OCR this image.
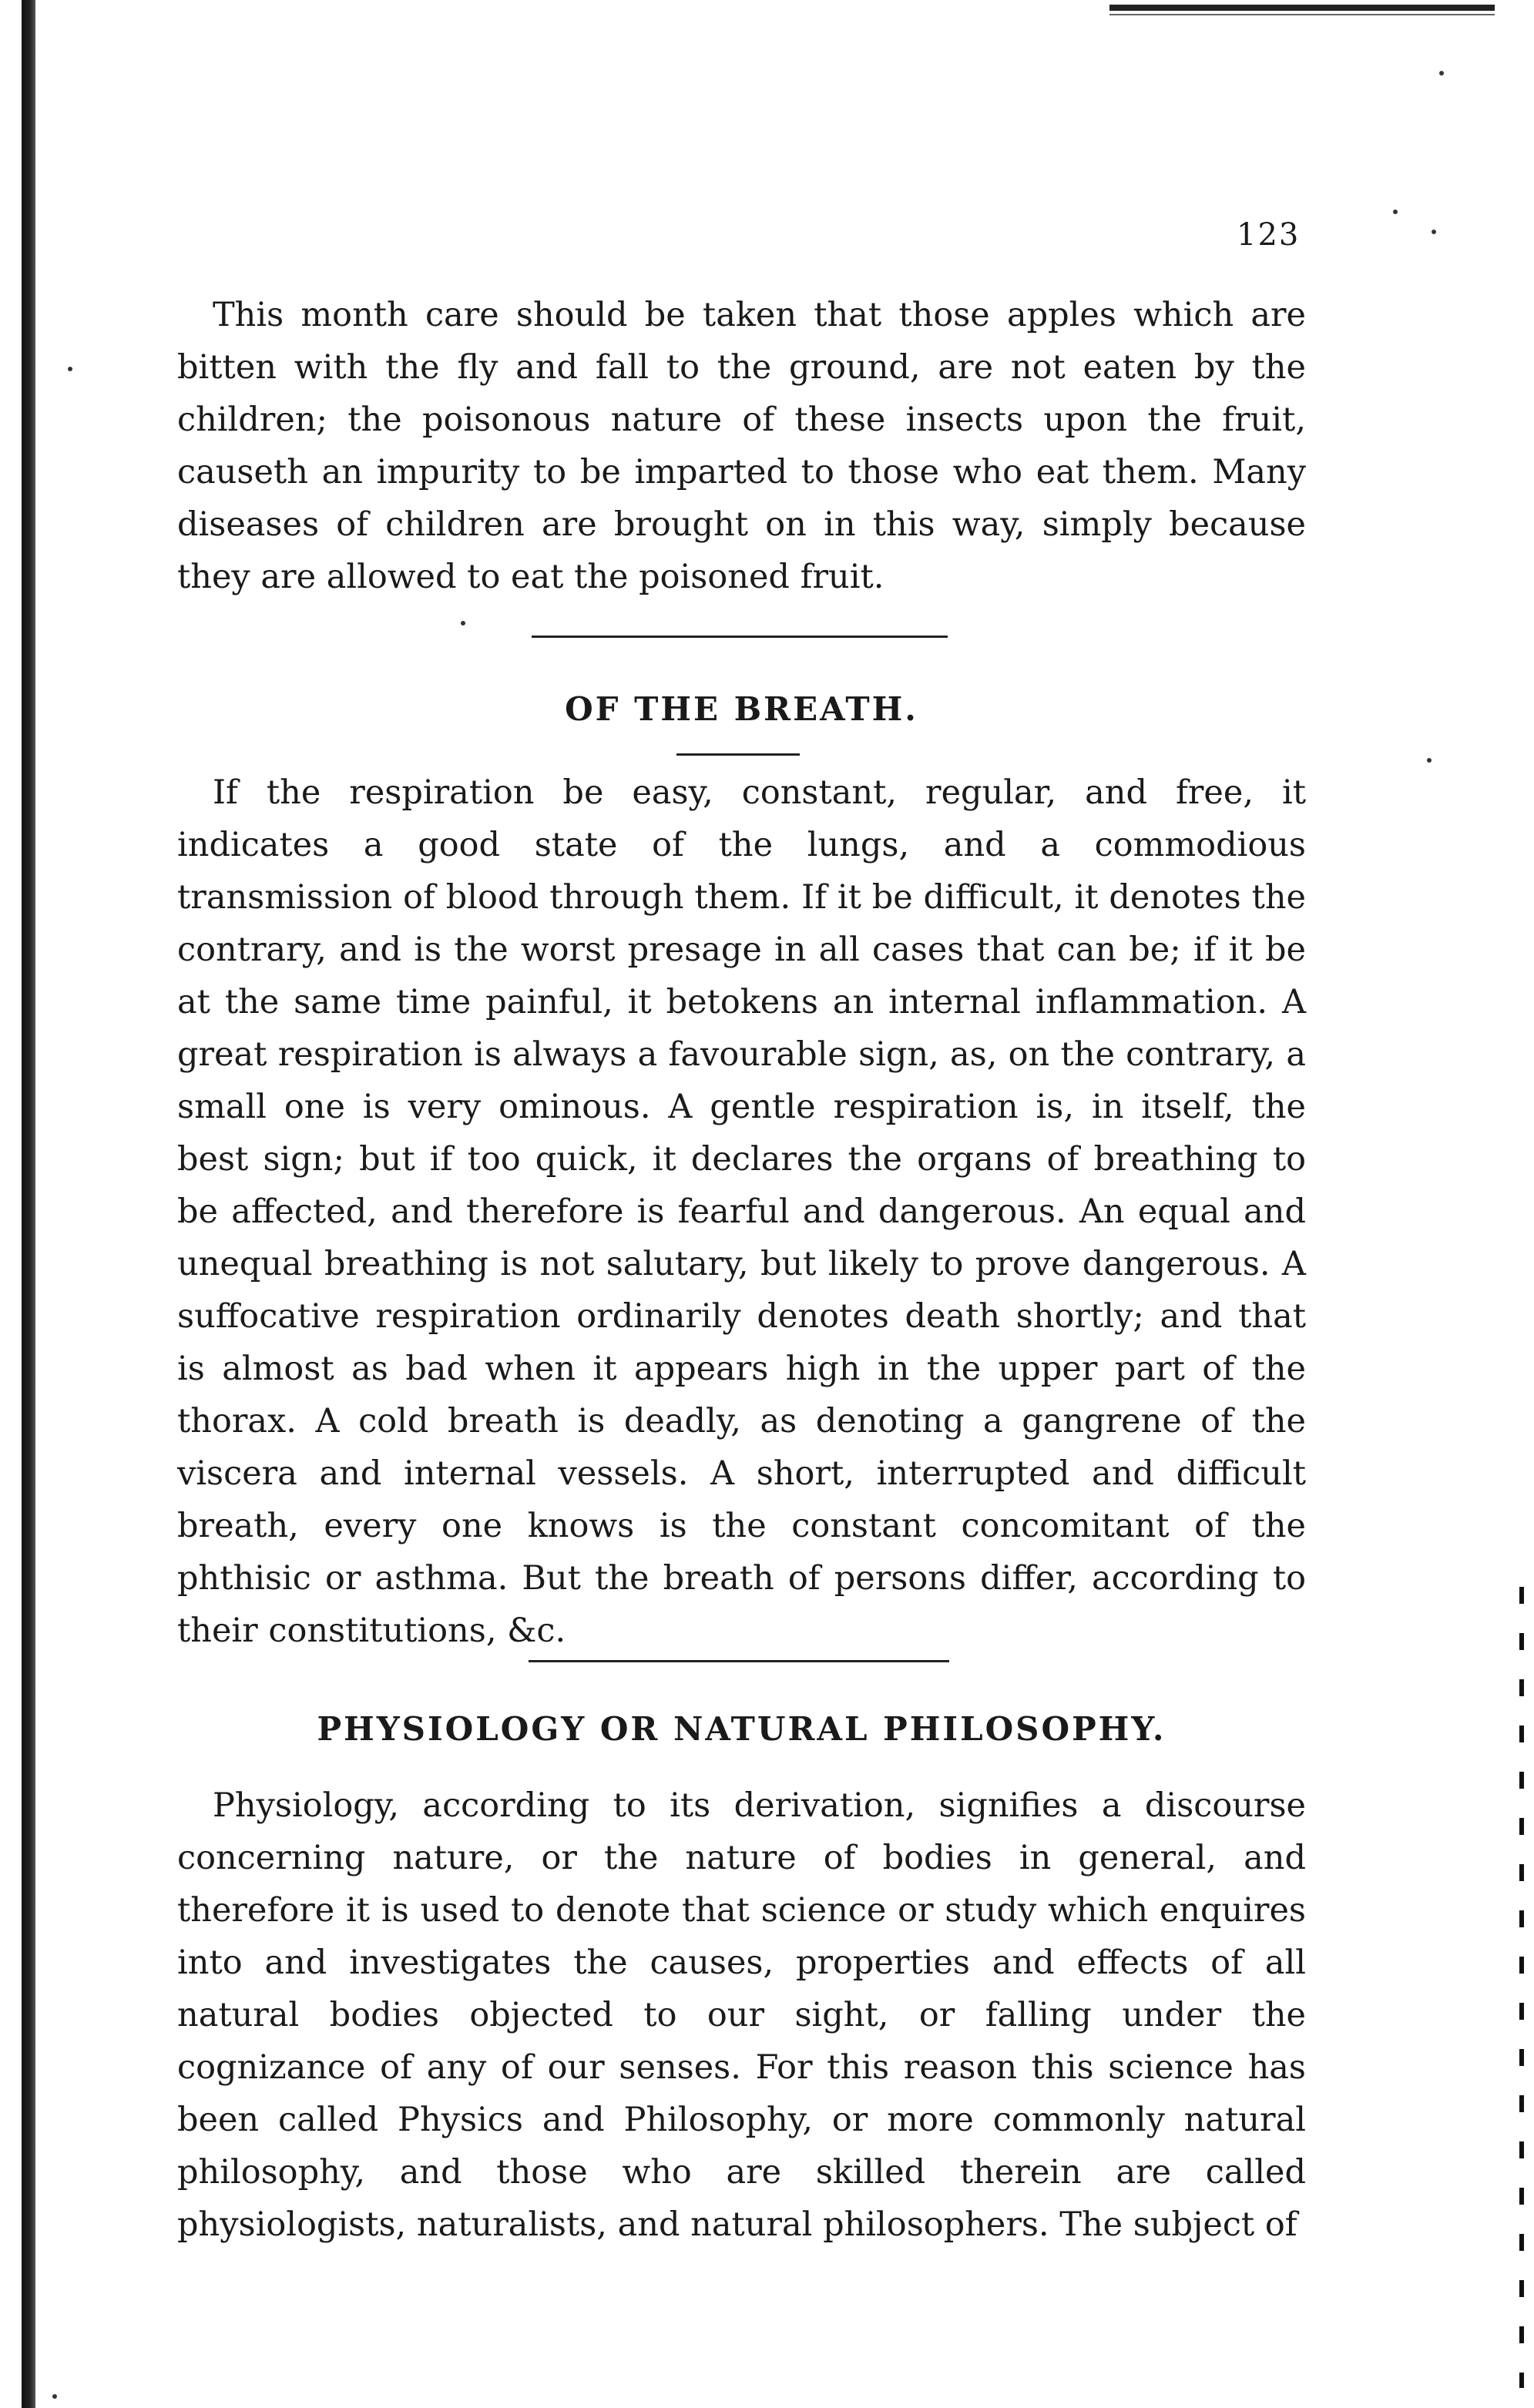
123

This month care should be taken that those apples which are bitten with the fly and fall to the ground, are not eaten by the children; the poisonous nature of these insects upon the fruit, causeth an impurity to be imparted to those who eat them. Many diseases of children are brought on in this way, simply because they are allowed to eat the poisoned fruit.

OF THE BREATH.

If the respiration be easy, constant, regular, and free, it indicates a good state of the lungs, and a commodious transmission of blood through them. If it be difficult, it denotes the contrary, and is the worst presage in all cases that can be; if it be at the same time painful, it betokens an internal inflammation. A great respiration is always a favourable sign, as, on the contrary, a small one is very ominous. A gentle respiration is, in itself, the best sign; but if too quick, it declares the organs of breathing to be affected, and therefore is fearful and dangerous. An equal and unequal breathing is not salutary, but likely to prove dangerous. A suffocative respiration ordinarily denotes death shortly; and that is almost as bad when it appears high in the upper part of the thorax. A cold breath is deadly, as denoting a gangrene of the viscera and internal vessels. A short, interrupted and difficult breath, every one knows is the constant concomitant of the phthisic or asthma. But the breath of persons differ, according to their constitutions, &c.

PHYSIOLOGY OR NATURAL PHILOSOPHY.

Physiology, according to its derivation, signifies a discourse concerning nature, or the nature of bodies in general, and therefore it is used to denote that science or study which enquires into and investigates the causes, properties and effects of all natural bodies objected to our sight, or falling under the cognizance of any of our senses. For this reason this science has been called Physics and Philosophy, or more commonly natural philosophy, and those who are skilled therein are called physiologists, naturalists, and natural philosophers. The subject of
